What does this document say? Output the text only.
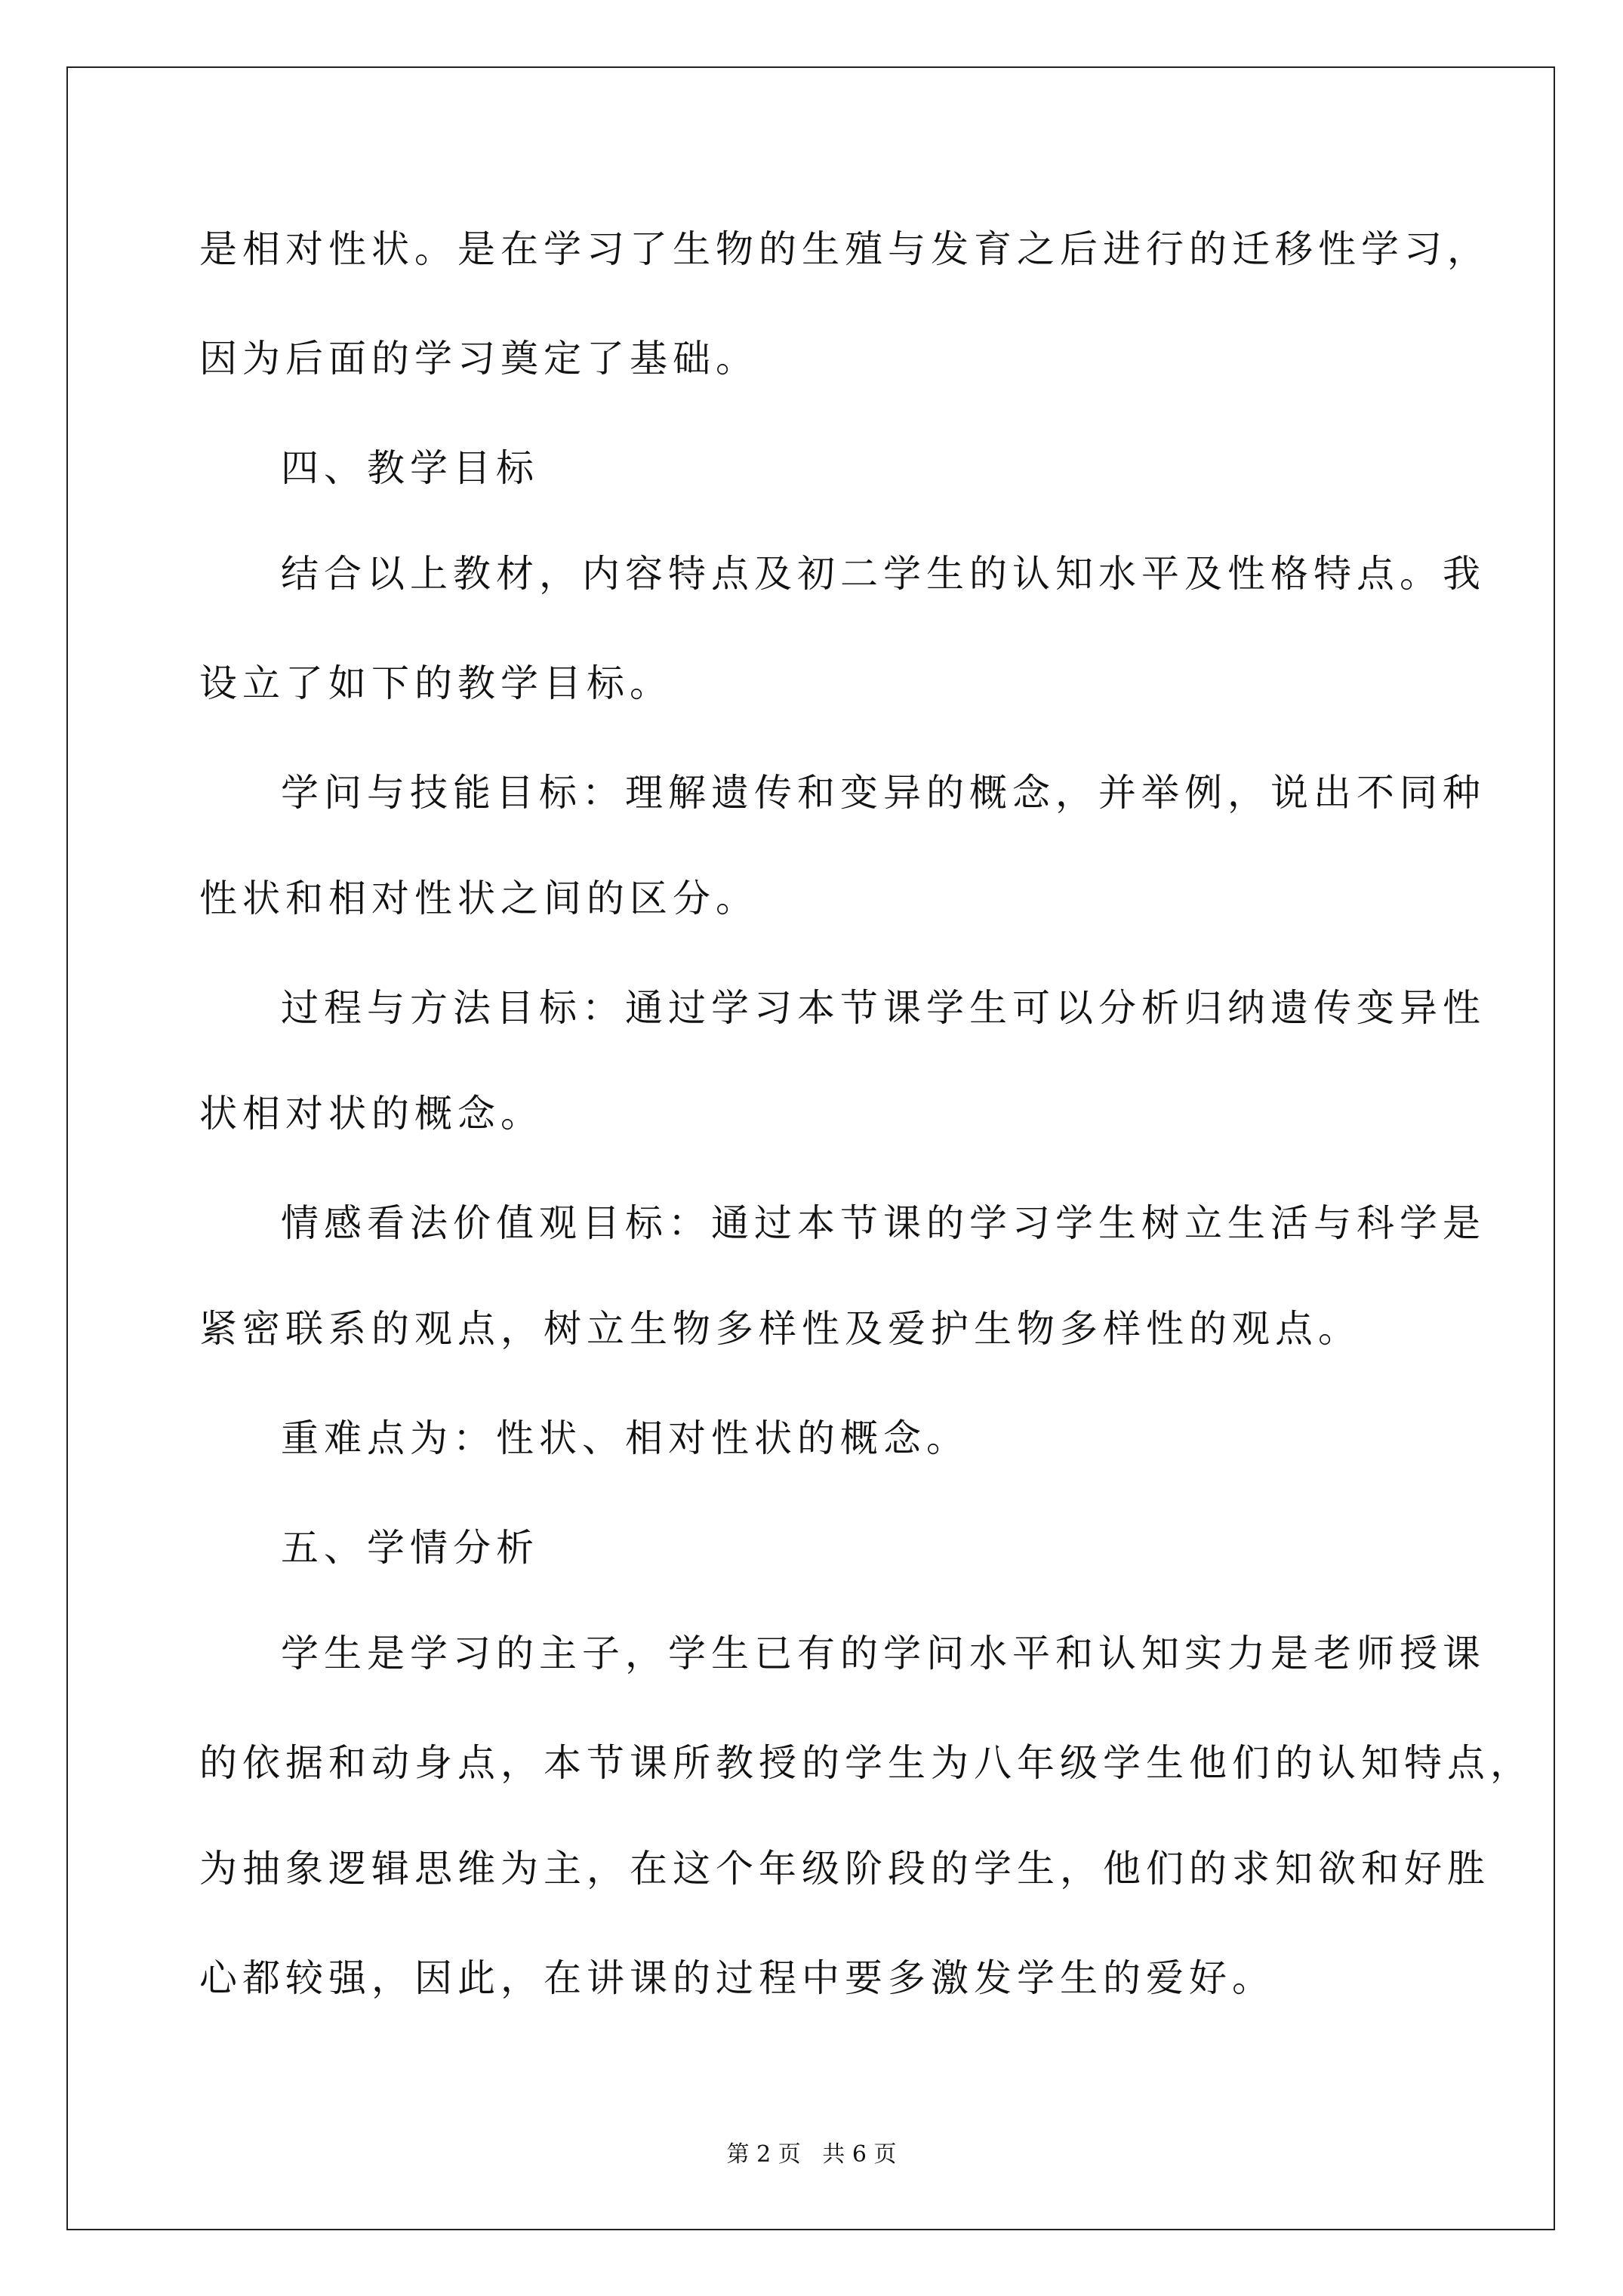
是相对性状。是在学习了生物的生殖与发育之后进行的迁移性学习，
因为后面的学习奠定了基础。
四、教学目标
结合以上教材，内容特点及初二学生的认知水平及性格特点。我
设立了如下的教学目标。
学问与技能目标：理解遗传和变异的概念，并举例，说出不同种
性状和相对性状之间的区分。
过程与方法目标：通过学习本节课学生可以分析归纳遗传变异性
状相对状的概念。
情感看法价值观目标：通过本节课的学习学生树立生活与科学是
紧密联系的观点，树立生物多样性及爱护生物多样性的观点。
重难点为：性状、相对性状的概念。
五、学情分析
学生是学习的主子，学生已有的学问水平和认知实力是老师授课
的依据和动身点，本节课所教授的学生为八年级学生他们的认知特点，
为抽象逻辑思维为主，在这个年级阶段的学生，他们的求知欲和好胜
心都较强，因此，在讲课的过程中要多激发学生的爱好。
第 2 页   共 6 页
